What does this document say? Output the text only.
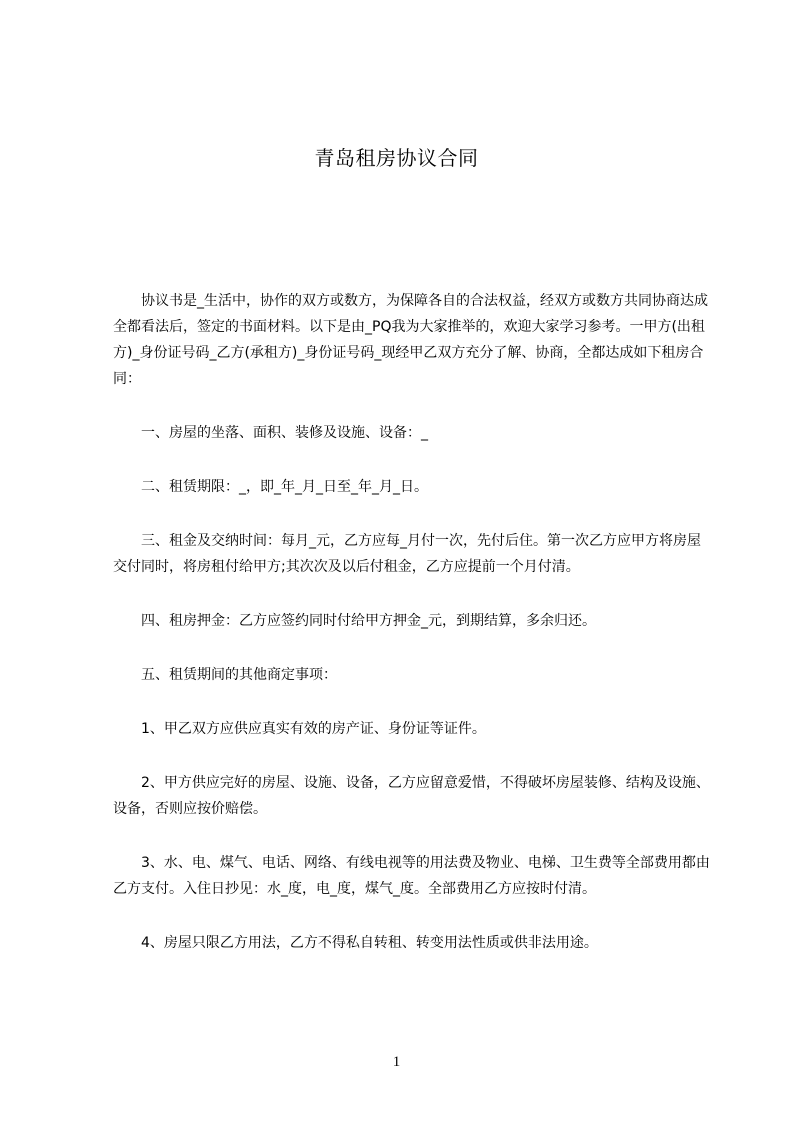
青岛租房协议合同

协议书是_生活中，协作的双方或数方，为保障各自的合法权益，经双方或数方共同协商达成全都看法后，签定的书面材料。以下是由_PQ我为大家推举的，欢迎大家学习参考。一甲方(出租方)_身份证号码_乙方(承租方)_身份证号码_现经甲乙双方充分了解、协商，全都达成如下租房合同：

一、房屋的坐落、面积、装修及设施、设备：_

二、租赁期限：_，即_年_月_日至_年_月_日。

三、租金及交纳时间：每月_元，乙方应每_月付一次，先付后住。第一次乙方应甲方将房屋交付同时，将房租付给甲方;其次次及以后付租金，乙方应提前一个月付清。

四、租房押金：乙方应签约同时付给甲方押金_元，到期结算，多余归还。

五、租赁期间的其他商定事项：

1、甲乙双方应供应真实有效的房产证、身份证等证件。

2、甲方供应完好的房屋、设施、设备，乙方应留意爱惜，不得破坏房屋装修、结构及设施、设备，否则应按价赔偿。

3、水、电、煤气、电话、网络、有线电视等的用法费及物业、电梯、卫生费等全部费用都由乙方支付。入住日抄见：水_度，电_度，煤气_度。全部费用乙方应按时付清。

4、房屋只限乙方用法，乙方不得私自转租、转变用法性质或供非法用途。

1
